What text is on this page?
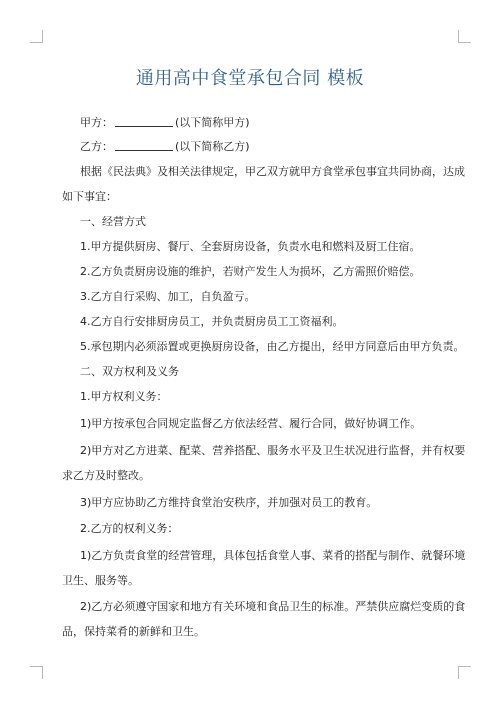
通用高中食堂承包合同 模板
甲方：	(以下简称甲方)
乙方：	(以下简称乙方)
根据《民法典》及相关法律规定，甲乙双方就甲方食堂承包事宜共同协商，达成
如下事宜：
一、经营方式
1.甲方提供厨房、餐厅、全套厨房设备，负责水电和燃料及厨工住宿。
2.乙方负责厨房设施的维护，若财产发生人为损坏，乙方需照价赔偿。
3.乙方自行采购、加工，自负盈亏。
4.乙方自行安排厨房员工，并负责厨房员工工资福利。
5.承包期内必须添置或更换厨房设备，由乙方提出，经甲方同意后由甲方负责。
二、双方权利及义务
1.甲方权利义务：
1)甲方按承包合同规定监督乙方依法经营、履行合同，做好协调工作。
2)甲方对乙方进菜、配菜、营养搭配、服务水平及卫生状况进行监督，并有权要
求乙方及时整改。
3)甲方应协助乙方维持食堂治安秩序，并加强对员工的教育。
2.乙方的权利义务：
1)乙方负责食堂的经营管理，具体包括食堂人事、菜肴的搭配与制作、就餐环境
卫生、服务等。
2)乙方必须遵守国家和地方有关环境和食品卫生的标准。严禁供应腐烂变质的食
品，保持菜肴的新鲜和卫生。
